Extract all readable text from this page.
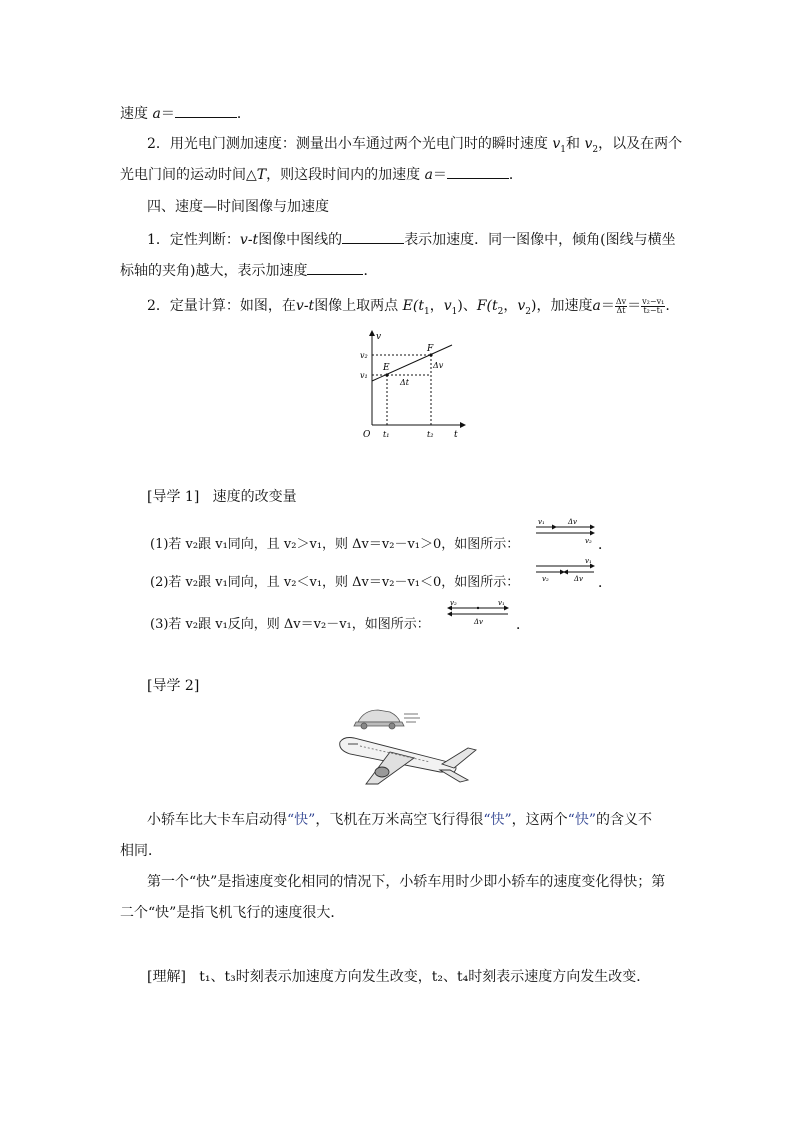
速度 a＝	．
2．用光电门测加速度：测量出小车通过两个光电门时的瞬时速度 $v_1$和 $v_2$，以及在两个
光电门间的运动时间△T，则这段时间内的加速度 a＝	．
四、速度—时间图像与加速度
1．定性判断：v-t图像中图线的	表示加速度．同一图像中，倾角(图线与横坐
标轴的夹角)越大，表示加速度	．
2．定量计算：如图，在v-t图像上取两点 $E(t_1$，$v_1$)、$F(t_2$，$v_2$)，加速度$a= \frac{\Delta v}{\Delta t} = \frac{\text{v₂−v₁}}{\text{t₂−t₁}}$ .
v
t
O
v₂
v₁
t₁	t₂
E
F
Δv
Δt
[导学 1] 速度的改变量
(1)若 v₂跟 v₁同向，且 v₂＞v₁，则 Δv＝v₂－v₁＞0，如图所示：
v₁	Δv
v₂ ．
(2)若 v₂跟 v₁同向，且 v₂＜v₁，则 Δv＝v₂－v₁＜0，如图所示：
v₁
v₂	Δv ．
(3)若 v₂跟 v₁反向，则 Δv＝v₂－v₁，如图所示：
v₂	v₁
Δv ．
[导学 2]
小轿车比大卡车启动得“快”，飞机在万米高空飞行得很“快”，这两个“快”的含义不
相同．
第一个“快”是指速度变化相同的情况下，小轿车用时少即小轿车的速度变化得快；第
二个“快”是指飞机飞行的速度很大．
[理解] t₁、t₃时刻表示加速度方向发生改变，t₂、t₄时刻表示速度方向发生改变．
